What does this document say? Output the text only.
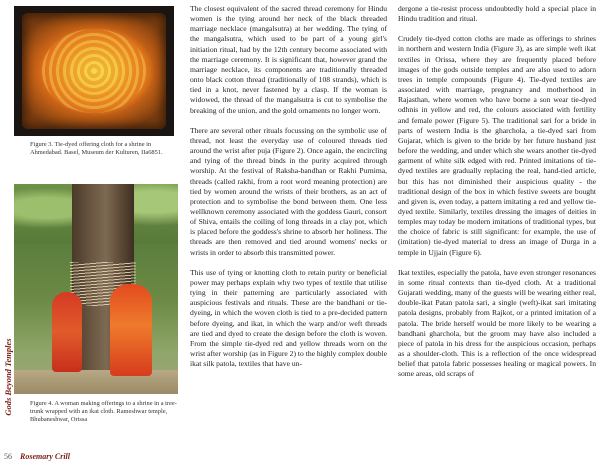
Figure 3. Tie-dyed offering cloth for a shrine in Ahmedabad. Basel, Museum der Kulturen, IIa6851.
Figure 4. A woman making offerings to a shrine in a tree-trunk wrapped with an ikat cloth. Rameshwar temple, Bhubaneshwar, Orissa
Gods Beyond Temples
56 Rosemary Crill

The closest equivalent of the sacred thread ceremony for Hindu women is the tying around her neck of the black threaded marriage necklace (mangalsutra) at her wedding. The tying of the mangalsutra, which used to be part of a young girl's initiation ritual, had by the 12th century become associated with the marriage ceremony. It is significant that, however grand the marriage necklace, its components are traditionally threaded onto black cotton thread (traditionally of 108 strands), which is tied in a knot, never fastened by a clasp. If the woman is widowed, the thread of the mangalsutra is cut to symbolise the breaking of the union, and the gold ornaments no longer worn.

There are several other rituals focussing on the symbolic use of thread, not least the everyday use of coloured threads tied around the wrist after puja (Figure 2). Once again, the encircling and tying of the thread binds in the purity acquired through worship. At the festival of Raksha-bandhan or Rakhi Purnima, threads (called rakhi, from a root word meaning protection) are tied by women around the wrists of their brothers, as an act of protection and to symbolise the bond between them. One less wellknown ceremony associated with the goddess Gauri, consort of Shiva, entails the coiling of long threads in a clay pot, which is placed before the goddess's shrine to absorb her holiness. The threads are then removed and tied around womens' necks or wrists in order to absorb this transmitted power.

This use of tying or knotting cloth to retain purity or beneficial power may perhaps explain why two types of textile that utilise tying in their patterning are particularly associated with auspicious festivals and rituals. These are the bandhani or tie-dyeing, in which the woven cloth is tied to a pre-decided pattern before dyeing, and ikat, in which the warp and/or weft threads are tied and dyed to create the design before the cloth is woven. From the simple tie-dyed red and yellow threads worn on the wrist after worship (as in Figure 2) to the highly complex double ikat silk patola, textiles that have un-

dergone a tie-resist process undoubtedly hold a special place in Hindu tradition and ritual.

Crudely tie-dyed cotton cloths are made as offerings to shrines in northern and western India (Figure 3), as are simple weft ikat textiles in Orissa, where they are frequently placed before images of the gods outside temples and are also used to adorn trees in temple compounds (Figure 4). Tie-dyed textiles are associated with marriage, pregnancy and motherhood in Rajasthan, where women who have borne a son wear tie-dyed odhnis in yellow and red, the colours associated with fertility and female power (Figure 5). The traditional sari for a bride in parts of western India is the gharchola, a tie-dyed sari from Gujarat, which is given to the bride by her future husband just before the wedding, and under which she wears another tie-dyed garment of white silk edged with red. Printed imitations of tie-dyed textiles are gradually replacing the real, hand-tied article, but this has not diminished their auspicious quality - the traditional design of the box in which festive sweets are bought and given is, even today, a pattern imitating a red and yellow tie-dyed textile. Similarly, textiles dressing the images of deities in temples may today be modern imitations of traditional types, but the choice of fabric is still significant: for example, the use of (imitation) tie-dyed material to dress an image of Durga in a temple in Ujjain (Figure 6).

Ikat textiles, especially the patola, have even stronger resonances in some ritual contexts than tie-dyed cloth. At a traditional Gujarati wedding, many of the guests will be wearing either real, double-ikat Patan patola sari, a single (weft)-ikat sari imitating patola designs, probably from Rajkot, or a printed imitation of a patola. The bride herself would be more likely to be wearing a bandhani gharchola, but the groom may have also included a piece of patola in his dress for the auspicious occasion, perhaps as a shoulder-cloth. This is a reflection of the once widespread belief that patola fabric possesses healing or magical powers. In some areas, old scraps of
